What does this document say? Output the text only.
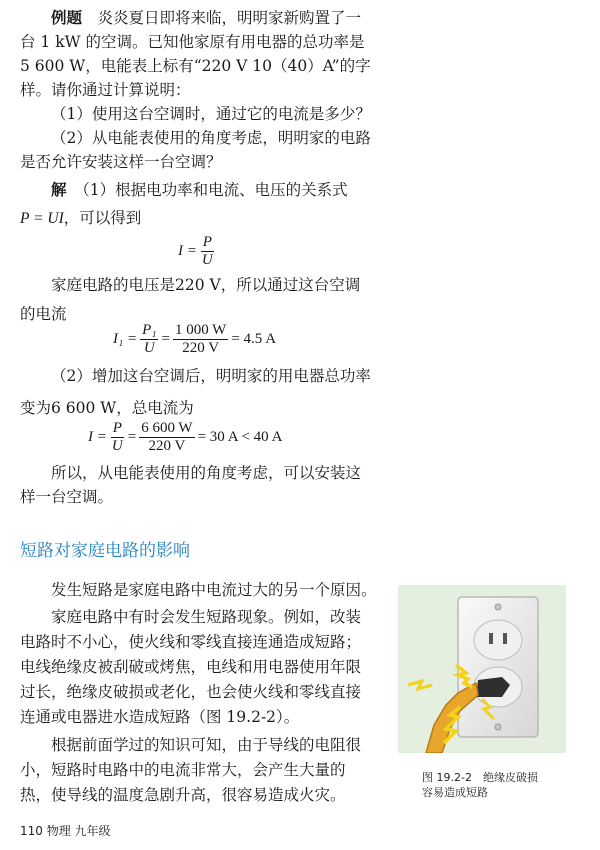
例题　 炎炎夏日即将来临，明明家新购置了一

台 1 kW 的空调。已知他家原有用电器的总功率是

5 600 W，电能表上标有“220 V 10（40）A”的字

样。请你通过计算说明：

（1）使用这台空调时，通过它的电流是多少？

（2）从电能表使用的角度考虑，明明家的电路

是否允许安装这样一台空调？

解　 （1）根据电功率和电流、电压的关系式

P = UI，可以得到

$I = \frac{P}{U}$

家庭电路的电压是220 V，所以通过这台空调

的电流

$I_1 = \frac{\text{P₁}}{U} = \frac{1 000 W}{220 V} = 4.5$ A

（2）增加这台空调后，明明家的用电器总功率

变为6 600 W，总电流为

$I = \frac{P}{U} = \frac{6 600 W}{220 V} = 30$ A < 40 A

所以，从电能表使用的角度考虑，可以安装这

样一台空调。

短路对家庭电路的影响

发生短路是家庭电路中电流过大的另一个原因。

家庭电路中有时会发生短路现象。例如，改装

电路时不小心，使火线和零线直接连通造成短路；

电线绝缘皮被刮破或烤焦，电线和用电器使用年限

过长，绝缘皮破损或老化，也会使火线和零线直接

连通或电器进水造成短路（图 19.2-2）。

根据前面学过的知识可知，由于导线的电阻很

小，短路时电路中的电流非常大，会产生大量的

热，使导线的温度急剧升高，很容易造成火灾。

图 19.2-2　绝缘皮破损
容易造成短路
110 物理 九年级
